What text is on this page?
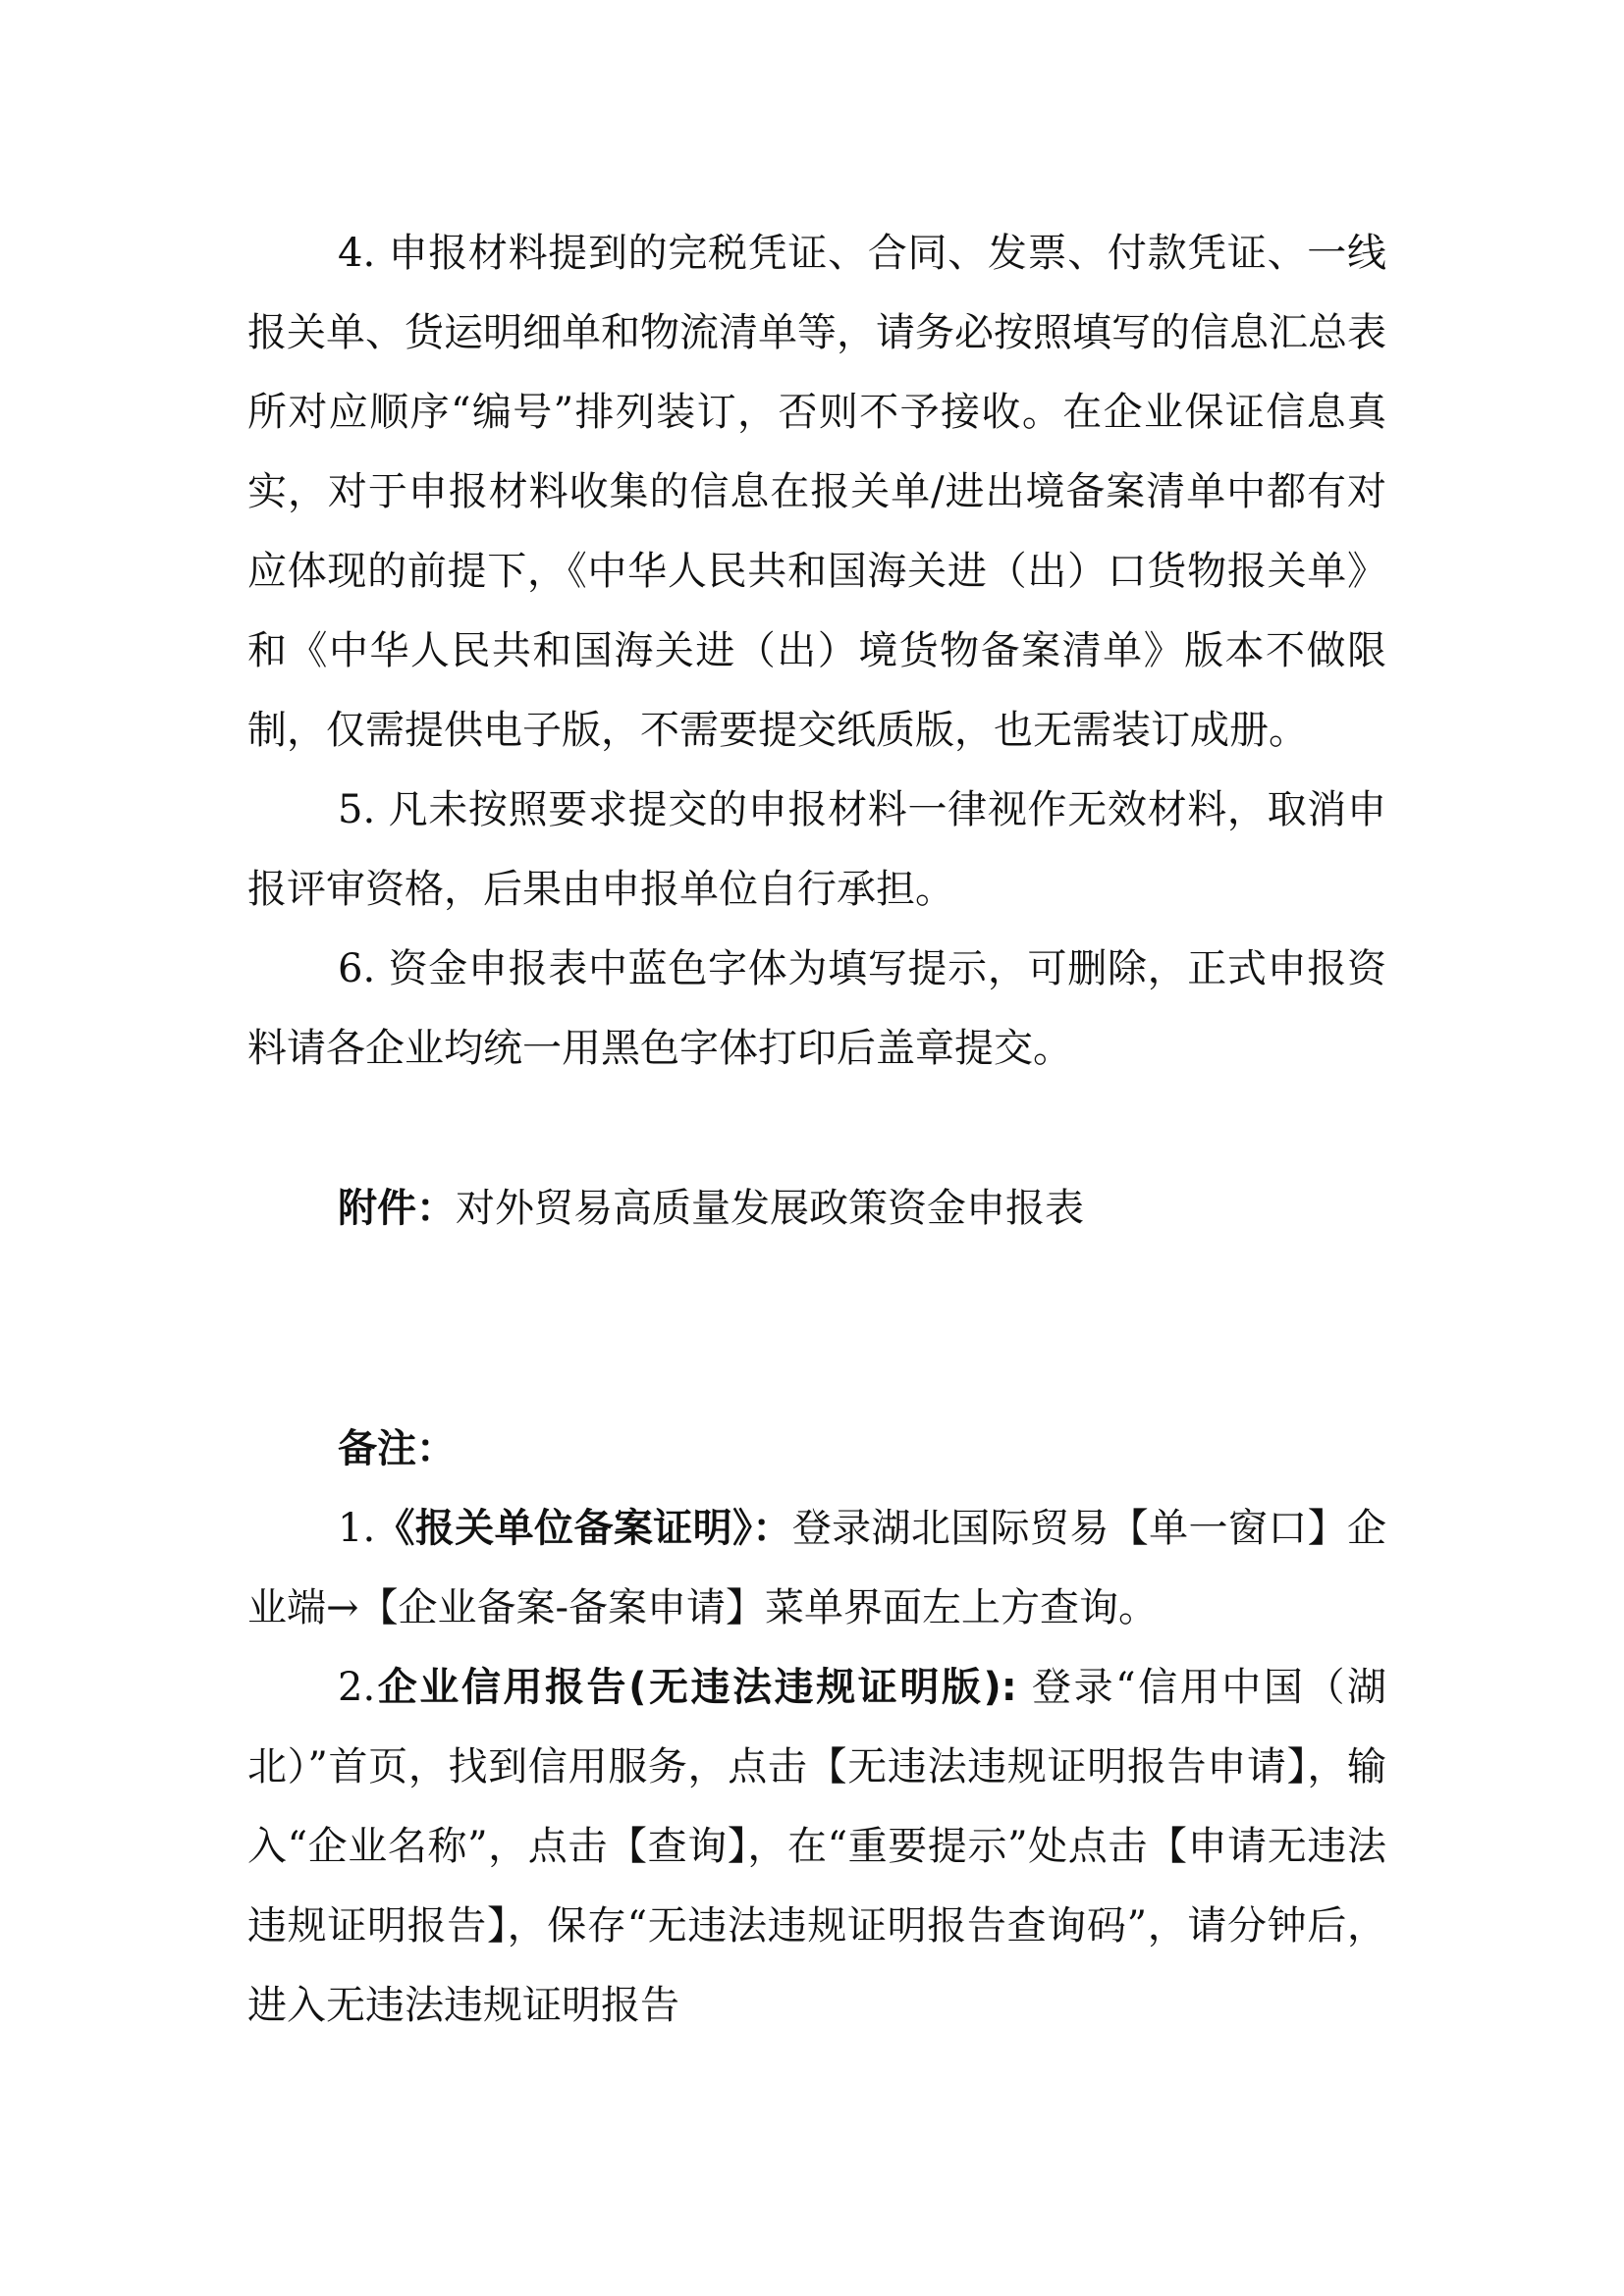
4. 申报材料提到的完税凭证、合同、发票、付款凭证、一线报关单、货运明细单和物流清单等，请务必按照填写的信息汇总表所对应顺序“编号”排列装订，否则不予接收。在企业保证信息真实，对于申报材料收集的信息在报关单/进出境备案清单中都有对应体现的前提下，《中华人民共和国海关进（出）口货物报关单》和《中华人民共和国海关进（出）境货物备案清单》版本不做限制，仅需提供电子版，不需要提交纸质版，也无需装订成册。

5. 凡未按照要求提交的申报材料一律视作无效材料，取消申报评审资格，后果由申报单位自行承担。

6. 资金申报表中蓝色字体为填写提示，可删除，正式申报资料请各企业均统一用黑色字体打印后盖章提交。

附件：对外贸易高质量发展政策资金申报表

备注：

1.《报关单位备案证明》：登录湖北国际贸易【单一窗口】企业端→【企业备案-备案申请】菜单界面左上方查询。

2.企业信用报告(无违法违规证明版): 登录“信用中国（湖北）”首页，找到信用服务，点击【无违法违规证明报告申请】，输入“企业名称”，点击【查询】，在“重要提示”处点击【申请无违法违规证明报告】，保存“无违法违规证明报告查询码”，请分钟后，进入无违法违规证明报告
